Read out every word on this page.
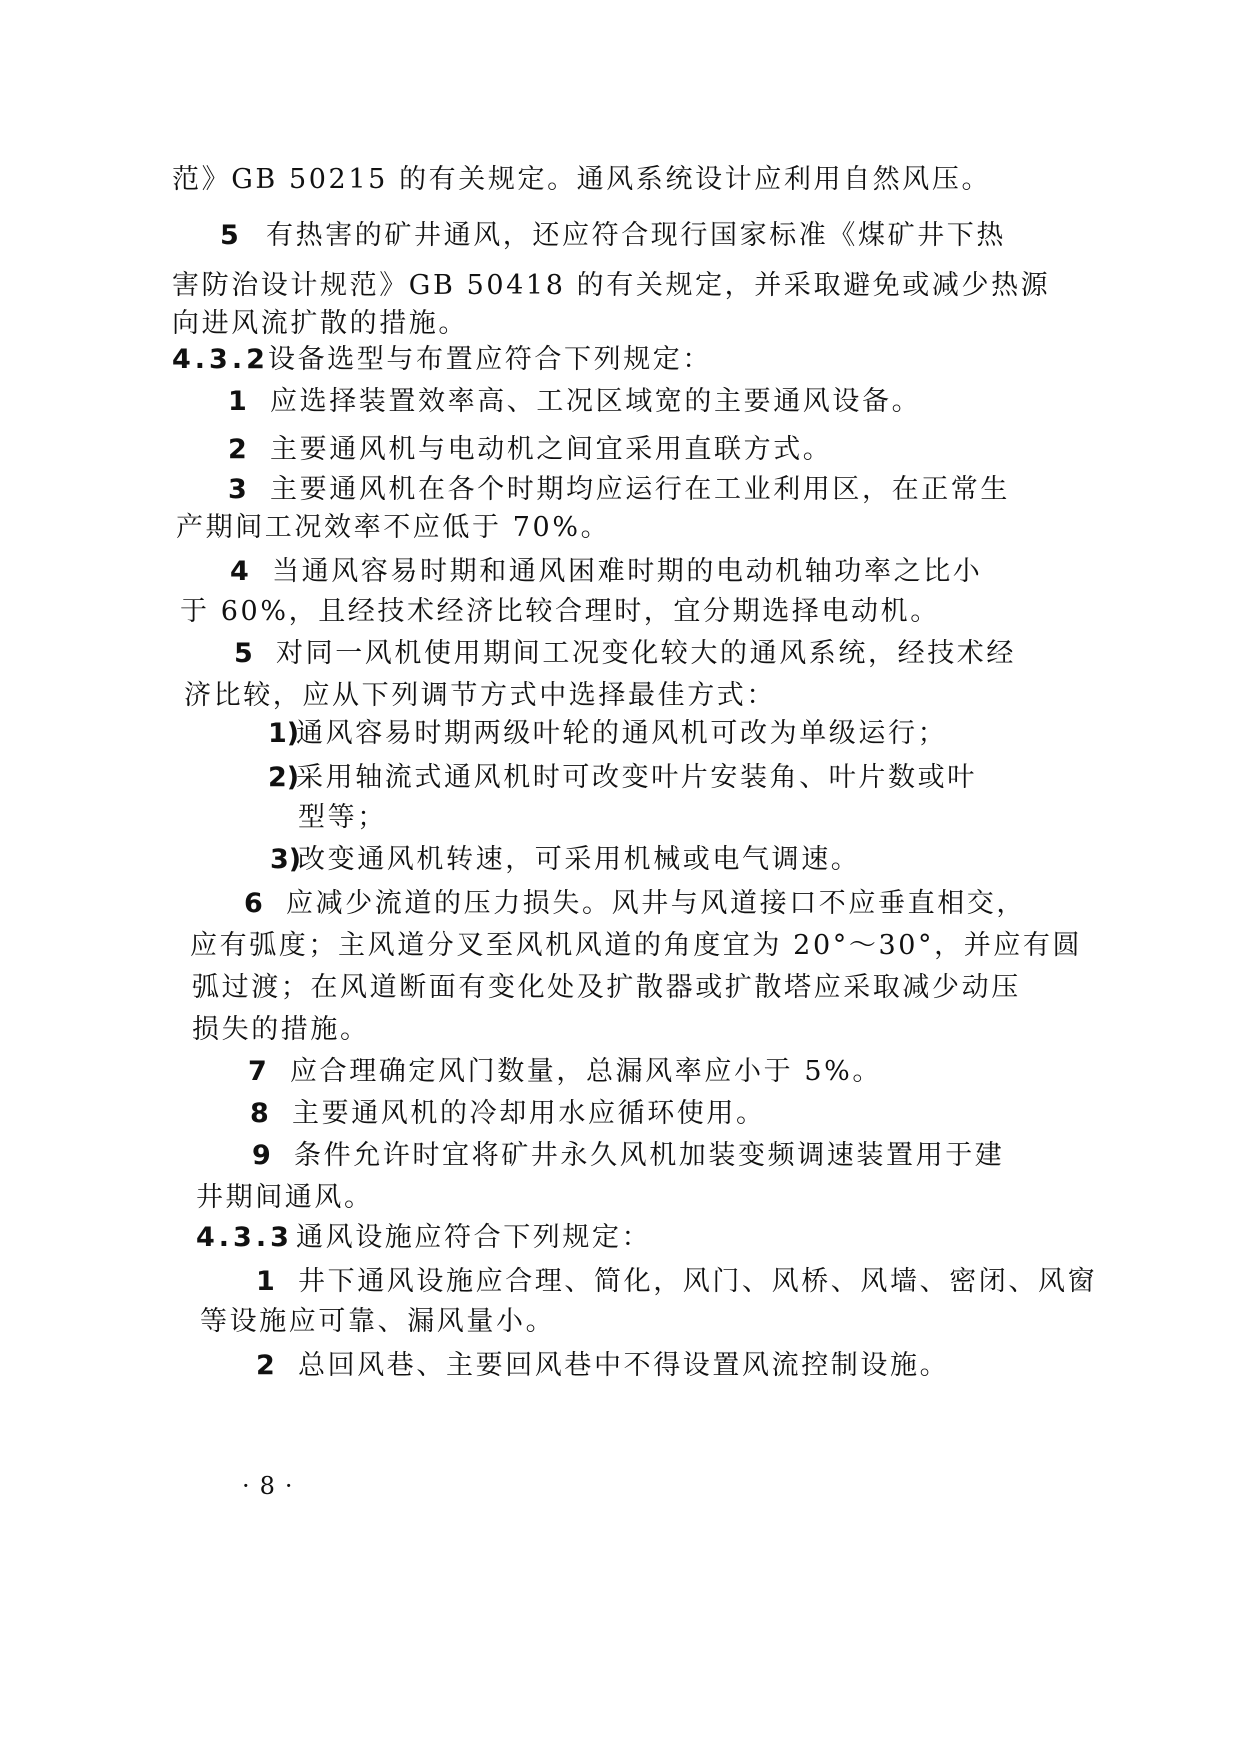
范》GB 50215 的有关规定。通风系统设计应利用自然风压。
5 有热害的矿井通风，还应符合现行国家标准《煤矿井下热
害防治设计规范》GB 50418 的有关规定，并采取避免或减少热源
向进风流扩散的措施。
4.3.2设备选型与布置应符合下列规定：
1 应选择装置效率高、工况区域宽的主要通风设备。
2 主要通风机与电动机之间宜采用直联方式。
3 主要通风机在各个时期均应运行在工业利用区，在正常生
产期间工况效率不应低于 70%。
4 当通风容易时期和通风困难时期的电动机轴功率之比小
于 60%，且经技术经济比较合理时，宜分期选择电动机。
5 对同一风机使用期间工况变化较大的通风系统，经技术经
济比较，应从下列调节方式中选择最佳方式：
1)通风容易时期两级叶轮的通风机可改为单级运行；
2)采用轴流式通风机时可改变叶片安装角、叶片数或叶
型等；
3)改变通风机转速，可采用机械或电气调速。
6 应减少流道的压力损失。风井与风道接口不应垂直相交，
应有弧度；主风道分叉至风机风道的角度宜为 20°～30°，并应有圆
弧过渡；在风道断面有变化处及扩散器或扩散塔应采取减少动压
损失的措施。
7 应合理确定风门数量，总漏风率应小于 5%。
8 主要通风机的冷却用水应循环使用。
9 条件允许时宜将矿井永久风机加装变频调速装置用于建
井期间通风。
4.3.3 通风设施应符合下列规定：
1 井下通风设施应合理、简化，风门、风桥、风墙、密闭、风窗
等设施应可靠、漏风量小。
2 总回风巷、主要回风巷中不得设置风流控制设施。
·8·
